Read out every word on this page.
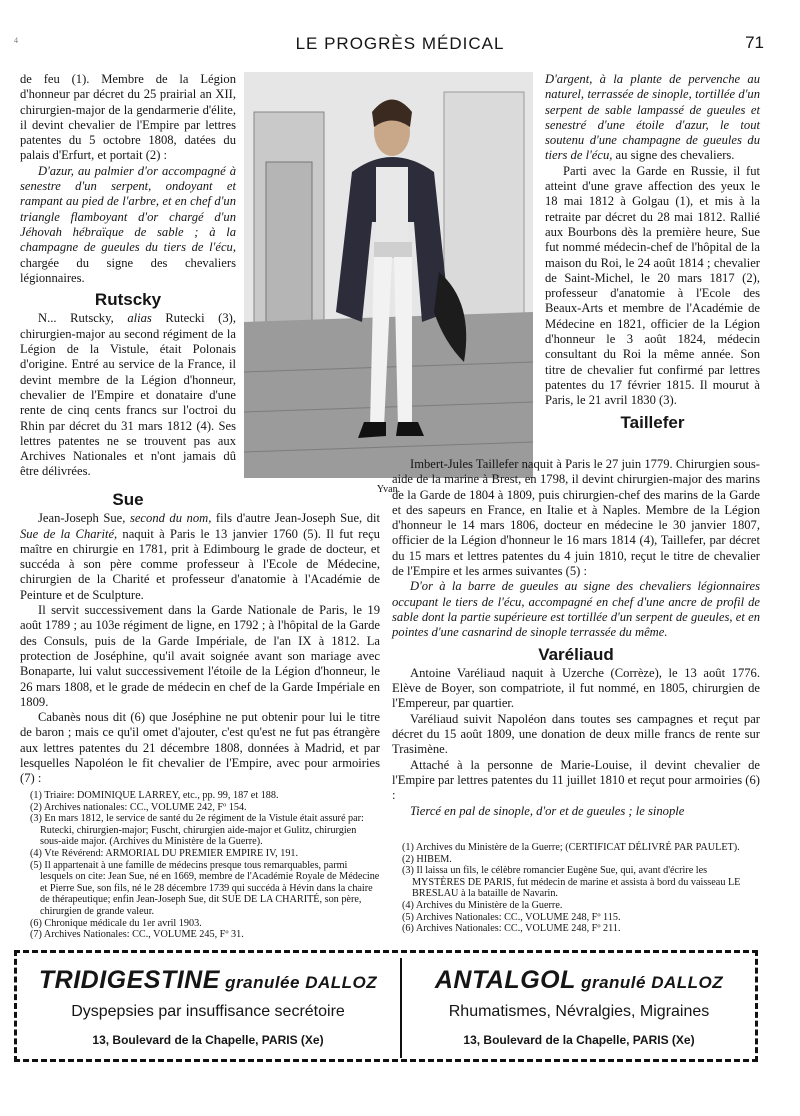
4	LE PROGRÈS MÉDICAL	71

de feu (1). Membre de la Légion d'honneur par décret du 25 prairial an XII, chirurgien-major de la gendarmerie d'élite, il devint chevalier de l'Empire par lettres patentes du 5 octobre 1808, datées du palais d'Erfurt, et portait (2) :

D'azur, au palmier d'or accompagné à senestre d'un serpent, ondoyant et rampant au pied de l'arbre, et en chef d'un triangle flamboyant d'or chargé d'un Jéhovah hébraïque de sable ; à la champagne de gueules du tiers de l'écu, chargée du signe des chevaliers légionnaires.

Rutscky

N... Rutscky, alias Rutecki (3), chirurgien-major au second régiment de la Légion de la Vistule, était Polonais d'origine. Entré au service de la France, il devint membre de la Légion d'honneur, chevalier de l'Empire et donataire d'une rente de cinq cents francs sur l'octroi du Rhin par décret du 31 mars 1812 (4). Ses lettres patentes ne se trouvent pas aux Archives Nationales et n'ont jamais dû être délivrées.

Yvan.

D'argent, à la plante de pervenche au naturel, terrassée de sinople, tortillée d'un serpent de sable lampassé de gueules et senestré d'une étoile d'azur, le tout soutenu d'une champagne de gueules du tiers de l'écu, au signe des chevaliers.

Parti avec la Garde en Russie, il fut atteint d'une grave affection des yeux le 18 mai 1812 à Golgau (1), et mis à la retraite par décret du 28 mai 1812. Rallié aux Bourbons dès la première heure, Sue fut nommé médecin-chef de l'hôpital de la maison du Roi, le 24 août 1814 ; chevalier de Saint-Michel, le 20 mars 1817 (2), professeur d'anatomie à l'Ecole des Beaux-Arts et membre de l'Académie de Médecine en 1821, officier de la Légion d'honneur le 3 août 1824, médecin consultant du Roi la même année. Son titre de chevalier fut confirmé par lettres patentes du 17 février 1815. Il mourut à Paris, le 21 avril 1830 (3).

Taillefer
Sue

Jean-Joseph Sue, second du nom, fils d'autre Jean-Joseph Sue, dit Sue de la Charité, naquit à Paris le 13 janvier 1760 (5). Il fut reçu maître en chirurgie en 1781, prit à Edimbourg le grade de docteur, et succéda à son père comme professeur à l'Ecole de Médecine, chirurgien de la Charité et professeur d'anatomie à l'Académie de Peinture et de Sculpture.

Il servit successivement dans la Garde Nationale de Paris, le 19 août 1789 ; au 103e régiment de ligne, en 1792 ; à l'hôpital de la Garde des Consuls, puis de la Garde Impériale, de l'an IX à 1812. La protection de Joséphine, qu'il avait soignée avant son mariage avec Bonaparte, lui valut successivement l'étoile de la Légion d'honneur, le 26 mars 1808, et le grade de médecin en chef de la Garde Impériale en 1809.

Cabanès nous dit (6) que Joséphine ne put obtenir pour lui le titre de baron ; mais ce qu'il omet d'ajouter, c'est qu'est ne fut pas étrangère aux lettres patentes du 21 décembre 1808, données à Madrid, et par lesquelles Napoléon le fit chevalier de l'Empire, avec pour armoiries (7) :

Imbert-Jules Taillefer naquit à Paris le 27 juin 1779. Chirurgien sous-aide de la marine à Brest, en 1798, il devint chirurgien-major des marins de la Garde de 1804 à 1809, puis chirurgien-chef des marins de la Garde et des sapeurs en France, en Italie et à Naples. Membre de la Légion d'honneur le 14 mars 1806, docteur en médecine le 30 janvier 1807, officier de la Légion d'honneur le 16 mars 1814 (4), Taillefer, par décret du 15 mars et lettres patentes du 4 juin 1810, reçut le titre de chevalier de l'Empire et les armes suivantes (5) :

D'or à la barre de gueules au signe des chevaliers légionnaires occupant le tiers de l'écu, accompagné en chef d'une ancre de profil de sable dont la partie supérieure est tortillée d'un serpent de gueules, et en pointes d'une casnarind de sinople terrassée du même.

Varéliaud

Antoine Varéliaud naquit à Uzerche (Corrèze), le 13 août 1776. Elève de Boyer, son compatriote, il fut nommé, en 1805, chirurgien de l'Empereur, par quartier.

Varéliaud suivit Napoléon dans toutes ses campagnes et reçut par décret du 15 août 1809, une donation de deux mille francs de rente sur Trasimène.

Attaché à la personne de Marie-Louise, il devint chevalier de l'Empire par lettres patentes du 11 juillet 1810 et reçut pour armoiries (6) :

Tiercé en pal de sinople, d'or et de gueules ; le sinople

(1) Triaire: DOMINIQUE LARREY, etc., pp. 99, 187 et 188.
(2) Archives nationales: CC., VOLUME 242, Fº 154.
(3) En mars 1812, le service de santé du 2e régiment de la Vistule était assuré par: Rutecki, chirurgien-major; Fuscht, chirurgien aide-major et Gulitz, chirurgien sous-aide major. (Archives du Ministère de la Guerre).
(4) Vte Révérend: ARMORIAL DU PREMIER EMPIRE IV, 191.
(5) Il appartenait à une famille de médecins presque tous remarquables, parmi lesquels on cite: Jean Sue, né en 1669, membre de l'Académie Royale de Médecine et Pierre Sue, son fils, né le 28 décembre 1739 qui succéda à Hévin dans la chaire de thérapeutique; enfin Jean-Joseph Sue, dit SUE DE LA CHARITÉ, son père, chirurgien de grande valeur.
(6) Chronique médicale du 1er avril 1903.
(7) Archives Nationales: CC., VOLUME 245, Fº 31.
(1) Archives du Ministère de la Guerre; (CERTIFICAT DÉLIVRÉ PAR PAULET).
(2) HIBEM.
(3) Il laissa un fils, le célèbre romancier Eugène Sue, qui, avant d'écrire les MYSTÈRES DE PARIS, fut médecin de marine et assista à bord du vaisseau LE BRESLAU à la bataille de Navarin.
(4) Archives du Ministère de la Guerre.
(5) Archives Nationales: CC., VOLUME 248, Fº 115.
(6) Archives Nationales: CC., VOLUME 248, Fº 211.
TRIDIGESTINE granulée DALLOZ
Dyspepsies par insuffisance secrétoire
13, Boulevard de la Chapelle, PARIS (Xe)
ANTALGOL granulé DALLOZ
Rhumatismes, Névralgies, Migraines
13, Boulevard de la Chapelle, PARIS (Xe)
